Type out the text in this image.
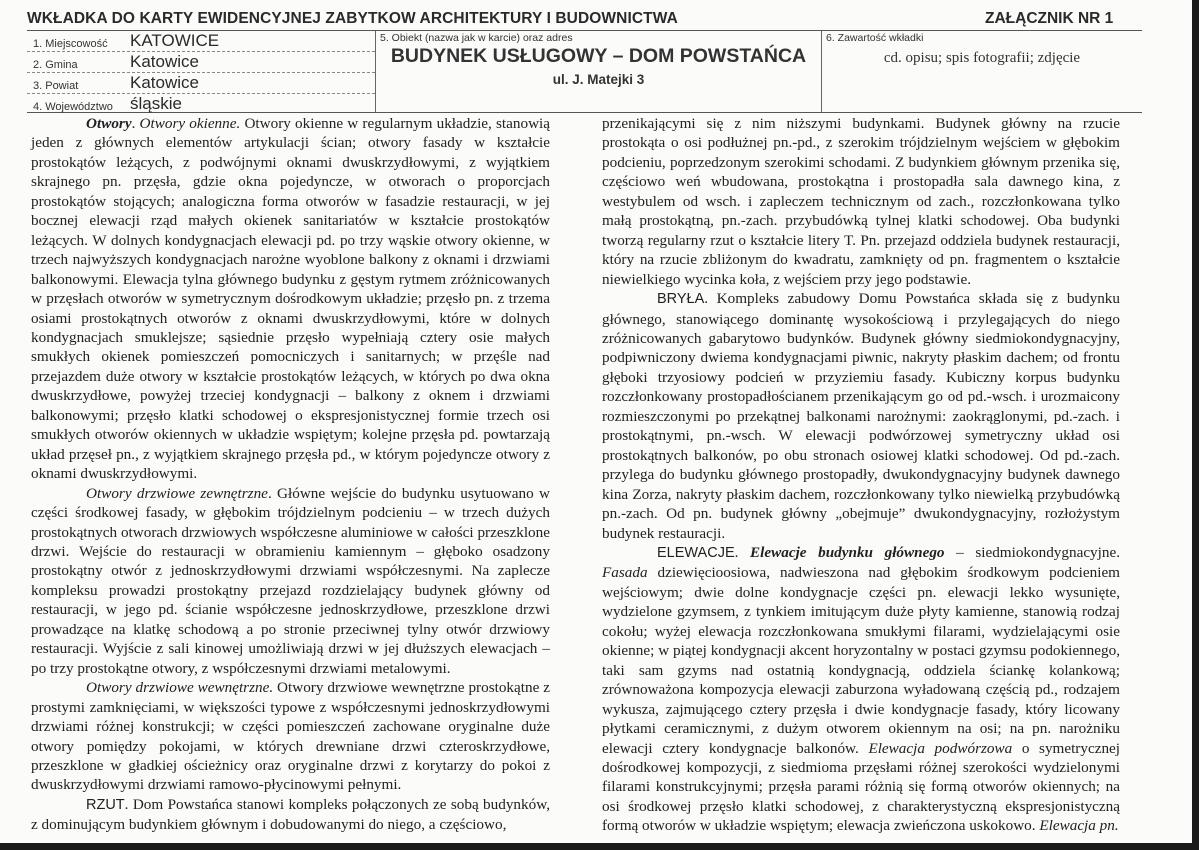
WKŁADKA DO KARTY EWIDENCYJNEJ ZABYTKOW ARCHITEKTURY I BUDOWNICTWA	ZAŁĄCZNIK NR 1
1. Miejscowość	KATOWICE
2. Gmina	Katowice
3. Powiat	Katowice
4. Województwo	śląskie
5. Obiekt (nazwa jak w karcie) oraz adres
BUDYNEK USŁUGOWY – DOM POWSTAŃCA
ul. J. Matejki 3
6. Zawartość wkładki
cd. opisu; spis fotografii; zdjęcie

Otwory. Otwory okienne. Otwory okienne w regularnym układzie, stanowią jeden z głównych elementów artykulacji ścian; otwory fasady w kształcie prostokątów leżących, z podwójnymi oknami dwuskrzydłowymi, z wyjątkiem skrajnego pn. przęsła, gdzie okna pojedyncze, w otworach o proporcjach prostokątów stojących; analogiczna forma otworów w fasadzie restauracji, w jej bocznej elewacji rząd małych okienek sanitariatów w kształcie prostokątów leżących. W dolnych kondygnacjach elewacji pd. po trzy wąskie otwory okienne, w trzech najwyższych kondygnacjach narożne wyoblone balkony z oknami i drzwiami balkonowymi. Elewacja tylna głównego budynku z gęstym rytmem zróżnicowanych w przęsłach otworów w symetrycznym dośrodkowym układzie; przęsło pn. z trzema osiami prostokątnych otworów z oknami dwuskrzydłowymi, które w dolnych kondygnacjach smuklejsze; sąsiednie przęsło wypełniają cztery osie małych smukłych okienek pomieszczeń pomocniczych i sanitarnych; w przęśle nad przejazdem duże otwory w kształcie prostokątów leżących, w których po dwa okna dwuskrzydłowe, powyżej trzeciej kondygnacji – balkony z oknem i drzwiami balkonowymi; przęsło klatki schodowej o ekspresjonistycznej formie trzech osi smukłych otworów okiennych w układzie wspiętym; kolejne przęsła pd. powtarzają układ przęseł pn., z wyjątkiem skrajnego przęsła pd., w którym pojedyncze otwory z oknami dwuskrzydłowymi.

Otwory drzwiowe zewnętrzne. Główne wejście do budynku usytuowano w części środkowej fasady, w głębokim trójdzielnym podcieniu – w trzech dużych prostokątnych otworach drzwiowych współczesne aluminiowe w całości przeszklone drzwi. Wejście do restauracji w obramieniu kamiennym – głęboko osadzony prostokątny otwór z jednoskrzydłowymi drzwiami współczesnymi. Na zaplecze kompleksu prowadzi prostokątny przejazd rozdzielający budynek główny od restauracji, w jego pd. ścianie współczesne jednoskrzydłowe, przeszklone drzwi prowadzące na klatkę schodową a po stronie przeciwnej tylny otwór drzwiowy restauracji. Wyjście z sali kinowej umożliwiają drzwi w jej dłuższych elewacjach – po trzy prostokątne otwory, z współczesnymi drzwiami metalowymi.

Otwory drzwiowe wewnętrzne. Otwory drzwiowe wewnętrzne prostokątne z prostymi zamknięciami, w większości typowe z współczesnymi jednoskrzydłowymi drzwiami różnej konstrukcji; w części pomieszczeń zachowane oryginalne duże otwory pomiędzy pokojami, w których drewniane drzwi czteroskrzydłowe, przeszklone w gładkiej ościeżnicy oraz oryginalne drzwi z korytarzy do pokoi z dwuskrzydłowymi drzwiami ramowo-płycinowymi pełnymi.

RZUT. Dom Powstańca stanowi kompleks połączonych ze sobą budynków, z dominującym budynkiem głównym i dobudowanymi do niego, a częściowo,

przenikającymi się z nim niższymi budynkami. Budynek główny na rzucie prostokąta o osi podłużnej pn.-pd., z szerokim trójdzielnym wejściem w głębokim podcieniu, poprzedzonym szerokimi schodami. Z budynkiem głównym przenika się, częściowo weń wbudowana, prostokątna i prostopadła sala dawnego kina, z westybulem od wsch. i zapleczem technicznym od zach., rozczłonkowana tylko małą prostokątną, pn.-zach. przybudówką tylnej klatki schodowej. Oba budynki tworzą regularny rzut o kształcie litery T. Pn. przejazd oddziela budynek restauracji, który na rzucie zbliżonym do kwadratu, zamknięty od pn. fragmentem o kształcie niewielkiego wycinka koła, z wejściem przy jego podstawie.

BRYŁA. Kompleks zabudowy Domu Powstańca składa się z budynku głównego, stanowiącego dominantę wysokościową i przylegających do niego zróżnicowanych gabarytowo budynków. Budynek główny siedmiokondygnacyjny, podpiwniczony dwiema kondygnacjami piwnic, nakryty płaskim dachem; od frontu głęboki trzyosiowy podcień w przyziemiu fasady. Kubiczny korpus budynku rozczłonkowany prostopadłościanem przenikającym go od pd.-wsch. i urozmaicony rozmieszczonymi po przekątnej balkonami narożnymi: zaokrąglonymi, pd.-zach. i prostokątnymi, pn.-wsch. W elewacji podwórzowej symetryczny układ osi prostokątnych balkonów, po obu stronach osiowej klatki schodowej. Od pd.-zach. przylega do budynku głównego prostopadły, dwukondygnacyjny budynek dawnego kina Zorza, nakryty płaskim dachem, rozczłonkowany tylko niewielką przybudówką pn.-zach. Od pn. budynek główny „obejmuje” dwukondygnacyjny, rozłożystym budynek restauracji.

ELEWACJE. Elewacje budynku głównego – siedmiokondygnacyjne. Fasada dziewięcioosiowa, nadwieszona nad głębokim środkowym podcieniem wejściowym; dwie dolne kondygnacje części pn. elewacji lekko wysunięte, wydzielone gzymsem, z tynkiem imitującym duże płyty kamienne, stanowią rodzaj cokołu; wyżej elewacja rozczłonkowana smukłymi filarami, wydzielającymi osie okienne; w piątej kondygnacji akcent horyzontalny w postaci gzymsu podokiennego, taki sam gzyms nad ostatnią kondygnacją, oddziela ściankę kolankową; zrównoważona kompozycja elewacji zaburzona wyładowaną częścią pd., rodzajem wykusza, zajmującego cztery przęsła i dwie kondygnacje fasady, który licowany płytkami ceramicznymi, z dużym otworem okiennym na osi; na pn. narożniku elewacji cztery kondygnacje balkonów. Elewacja podwórzowa o symetrycznej dośrodkowej kompozycji, z siedmioma przęsłami różnej szerokości wydzielonymi filarami konstrukcyjnymi; przęsła parami różnią się formą otworów okiennych; na osi środkowej przęsło klatki schodowej, z charakterystyczną ekspresjonistyczną formą otworów w układzie wspiętym; elewacja zwieńczona uskokowo. Elewacja pn.
